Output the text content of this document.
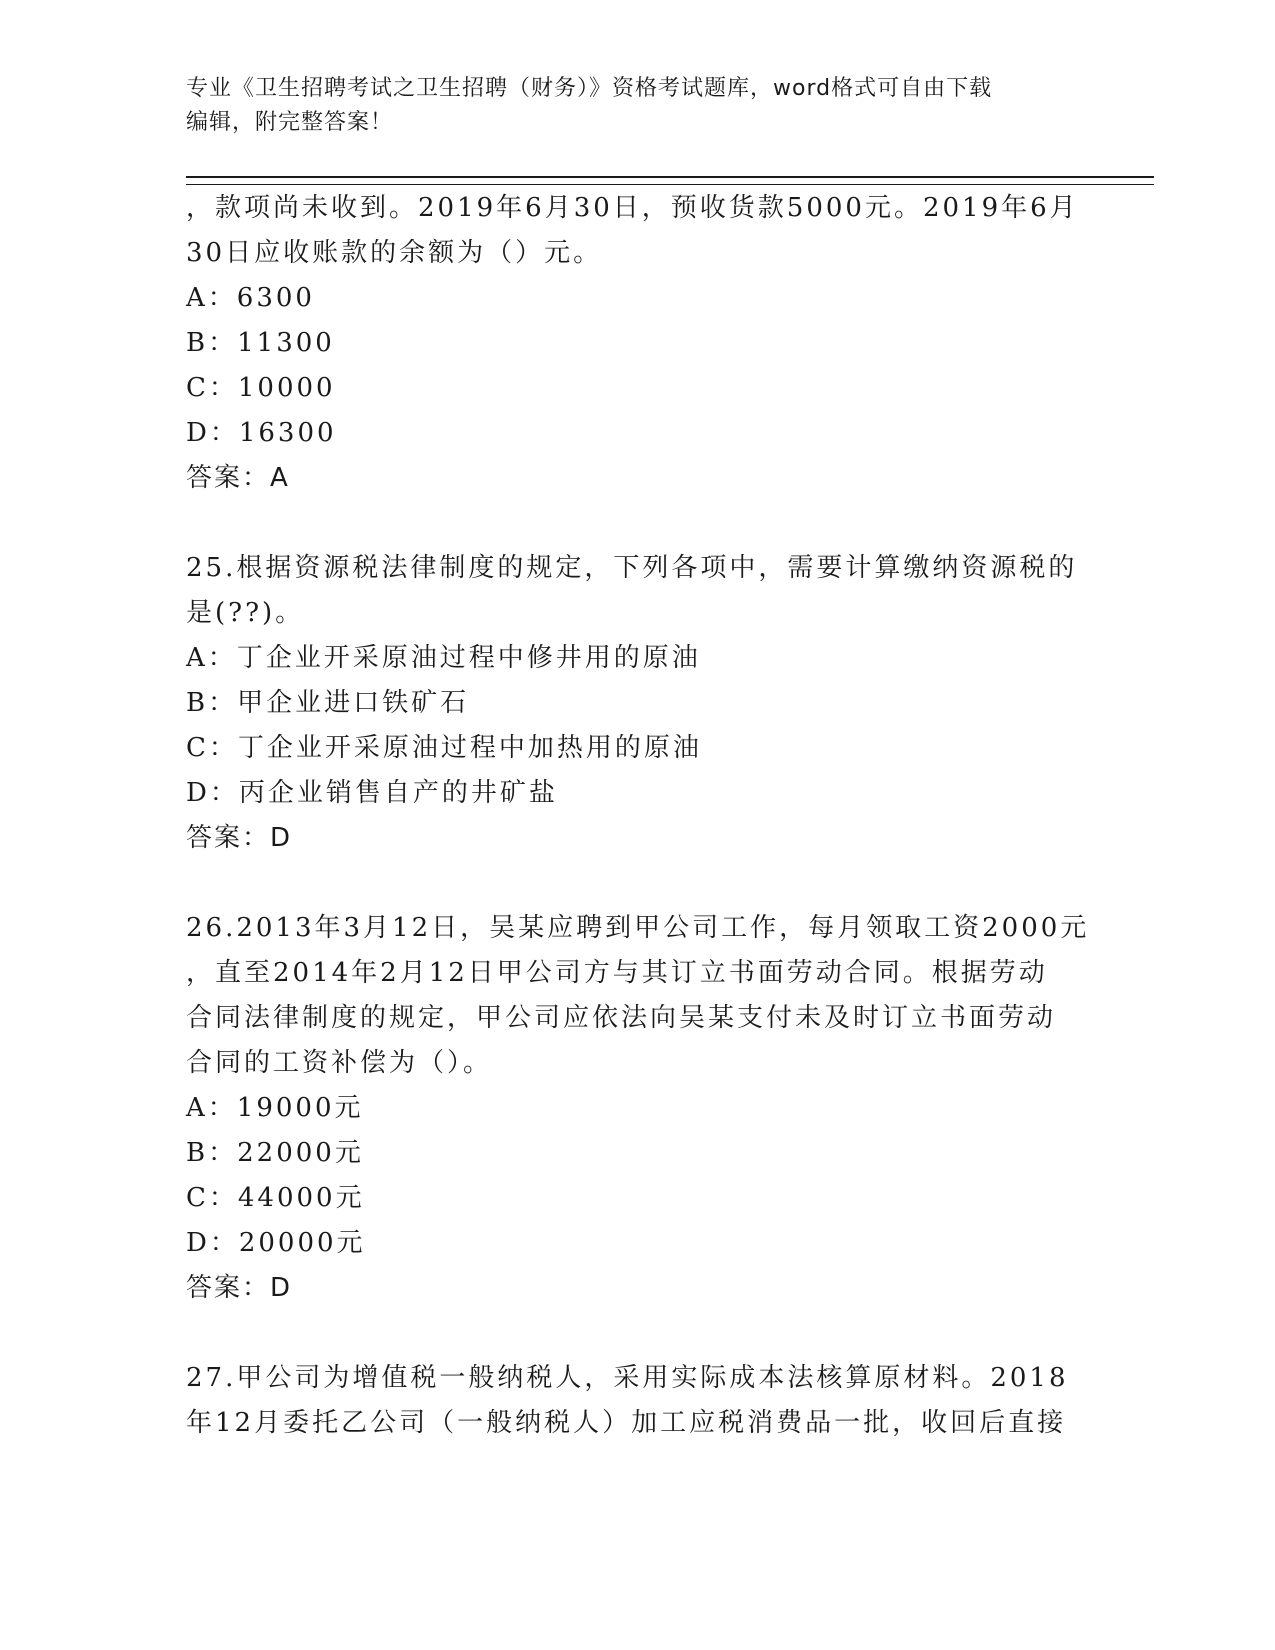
专业《卫生招聘考试之卫生招聘（财务）》资格考试题库，word格式可自由下载
编辑，附完整答案！
，款项尚未收到。2019年6月30日，预收货款5000元。2019年6月
30日应收账款的余额为（）元。
A：6300
B：11300
C：10000
D：16300
答案：A
25.根据资源税法律制度的规定，下列各项中，需要计算缴纳资源税的
是(??)。
A：丁企业开采原油过程中修井用的原油
B：甲企业进口铁矿石
C：丁企业开采原油过程中加热用的原油
D：丙企业销售自产的井矿盐
答案：D
26.2013年3月12日，吴某应聘到甲公司工作，每月领取工资2000元
，直至2014年2月12日甲公司方与其订立书面劳动合同。根据劳动
合同法律制度的规定，甲公司应依法向吴某支付未及时订立书面劳动
合同的工资补偿为（）。
A：19000元
B：22000元
C：44000元
D：20000元
答案：D
27.甲公司为增值税一般纳税人，采用实际成本法核算原材料。2018
年12月委托乙公司（一般纳税人）加工应税消费品一批，收回后直接
